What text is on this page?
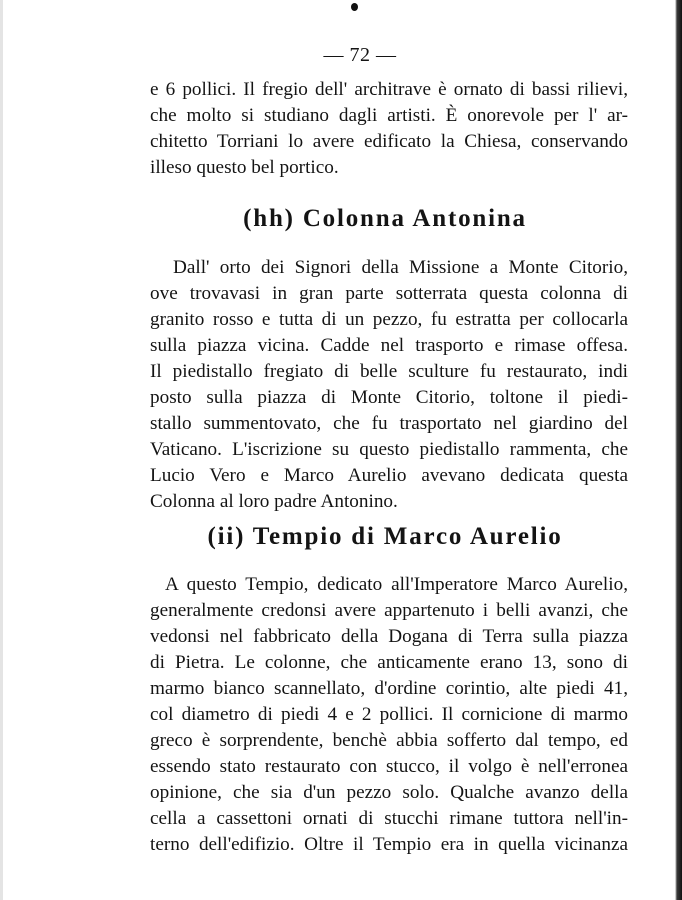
— 72 —
e 6 pollici. Il fregio dell' architrave è ornato di bassi rilievi,
che molto si studiano dagli artisti. È onorevole per l' ar-
chitetto Torriani lo avere edificato la Chiesa, conservando
illeso questo bel portico.
(hh) Colonna Antonina
Dall' orto dei Signori della Missione a Monte Citorio,
ove trovavasi in gran parte sotterrata questa colonna di
granito rosso e tutta di un pezzo, fu estratta per collocarla
sulla piazza vicina. Cadde nel trasporto e rimase offesa.
Il piedistallo fregiato di belle sculture fu restaurato, indi
posto sulla piazza di Monte Citorio, toltone il piedi-
stallo summentovato, che fu trasportato nel giardino del
Vaticano. L'iscrizione su questo piedistallo rammenta, che
Lucio Vero e Marco Aurelio avevano dedicata questa
Colonna al loro padre Antonino.
(ii) Tempio di Marco Aurelio
A questo Tempio, dedicato all'Imperatore Marco Aurelio,
generalmente credonsi avere appartenuto i belli avanzi, che
vedonsi nel fabbricato della Dogana di Terra sulla piazza
di Pietra. Le colonne, che anticamente erano 13, sono di
marmo bianco scannellato, d'ordine corintio, alte piedi 41,
col diametro di piedi 4 e 2 pollici. Il cornicione di marmo
greco è sorprendente, benchè abbia sofferto dal tempo, ed
essendo stato restaurato con stucco, il volgo è nell'erronea
opinione, che sia d'un pezzo solo. Qualche avanzo della
cella a cassettoni ornati di stucchi rimane tuttora nell'in-
terno dell'edifizio. Oltre il Tempio era in quella vicinanza
